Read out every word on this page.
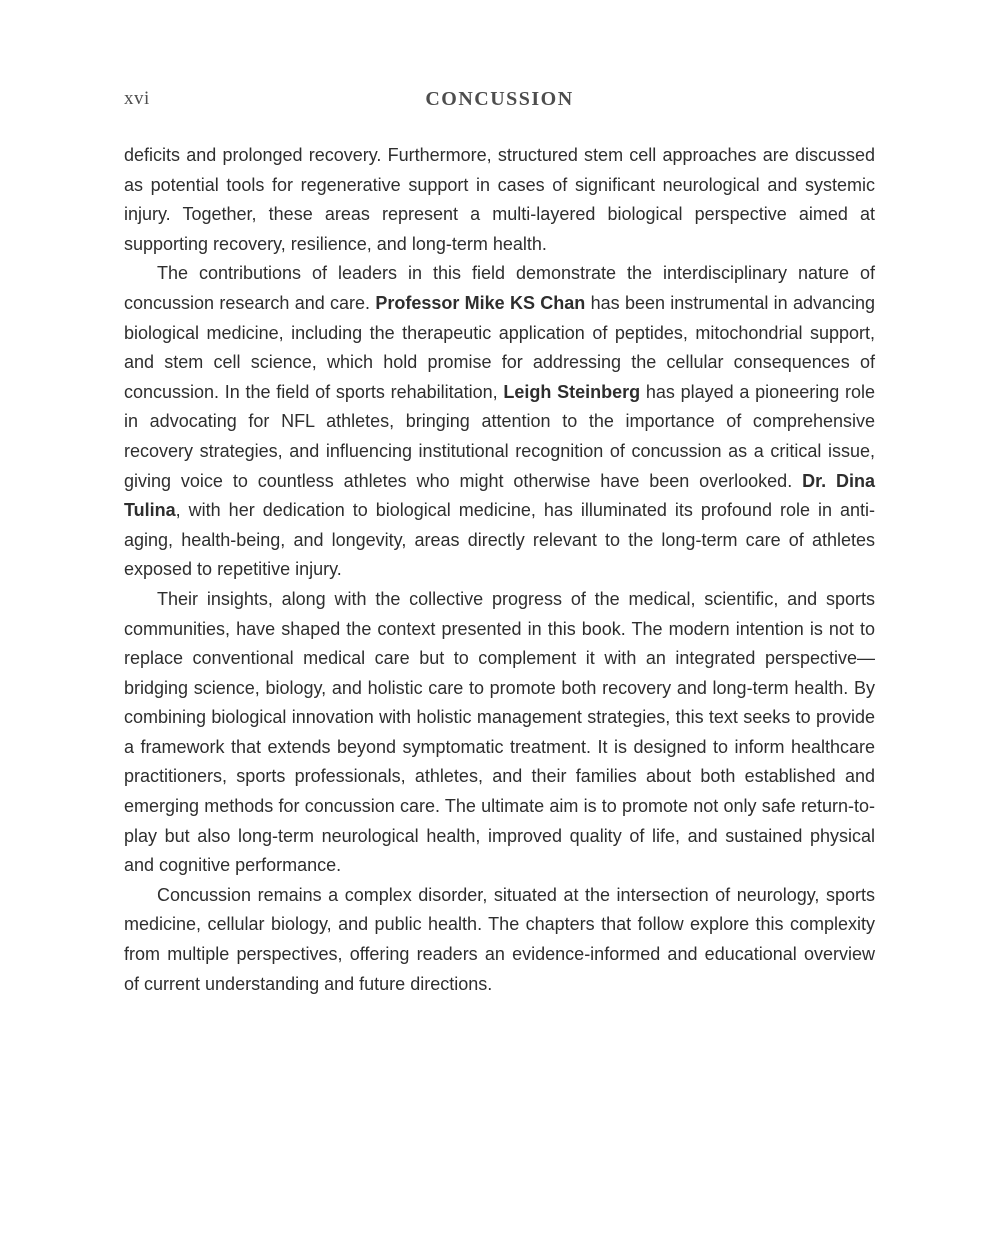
xvi	CONCUSSION

deficits and prolonged recovery. Furthermore, structured stem cell approaches are discussed as potential tools for regenerative support in cases of significant neurological and systemic injury. Together, these areas represent a multi-layered biological perspective aimed at supporting recovery, resilience, and long-term health.

The contributions of leaders in this field demonstrate the interdisciplinary nature of concussion research and care. Professor Mike KS Chan has been instrumental in advancing biological medicine, including the therapeutic application of peptides, mitochondrial support, and stem cell science, which hold promise for addressing the cellular consequences of concussion. In the field of sports rehabilitation, Leigh Steinberg has played a pioneering role in advocating for NFL athletes, bringing attention to the importance of comprehensive recovery strategies, and influencing institutional recognition of concussion as a critical issue, giving voice to countless athletes who might otherwise have been overlooked. Dr. Dina Tulina, with her dedication to biological medicine, has illuminated its profound role in anti-aging, health-being, and longevity, areas directly relevant to the long-term care of athletes exposed to repetitive injury.

Their insights, along with the collective progress of the medical, scientific, and sports communities, have shaped the context presented in this book. The modern intention is not to replace conventional medical care but to complement it with an integrated perspective—bridging science, biology, and holistic care to promote both recovery and long-term health. By combining biological innovation with holistic management strategies, this text seeks to provide a framework that extends beyond symptomatic treatment. It is designed to inform healthcare practitioners, sports professionals, athletes, and their families about both established and emerging methods for concussion care. The ultimate aim is to promote not only safe return-to-play but also long-term neurological health, improved quality of life, and sustained physical and cognitive performance.

Concussion remains a complex disorder, situated at the intersection of neurology, sports medicine, cellular biology, and public health. The chapters that follow explore this complexity from multiple perspectives, offering readers an evidence-informed and educational overview of current understanding and future directions.
